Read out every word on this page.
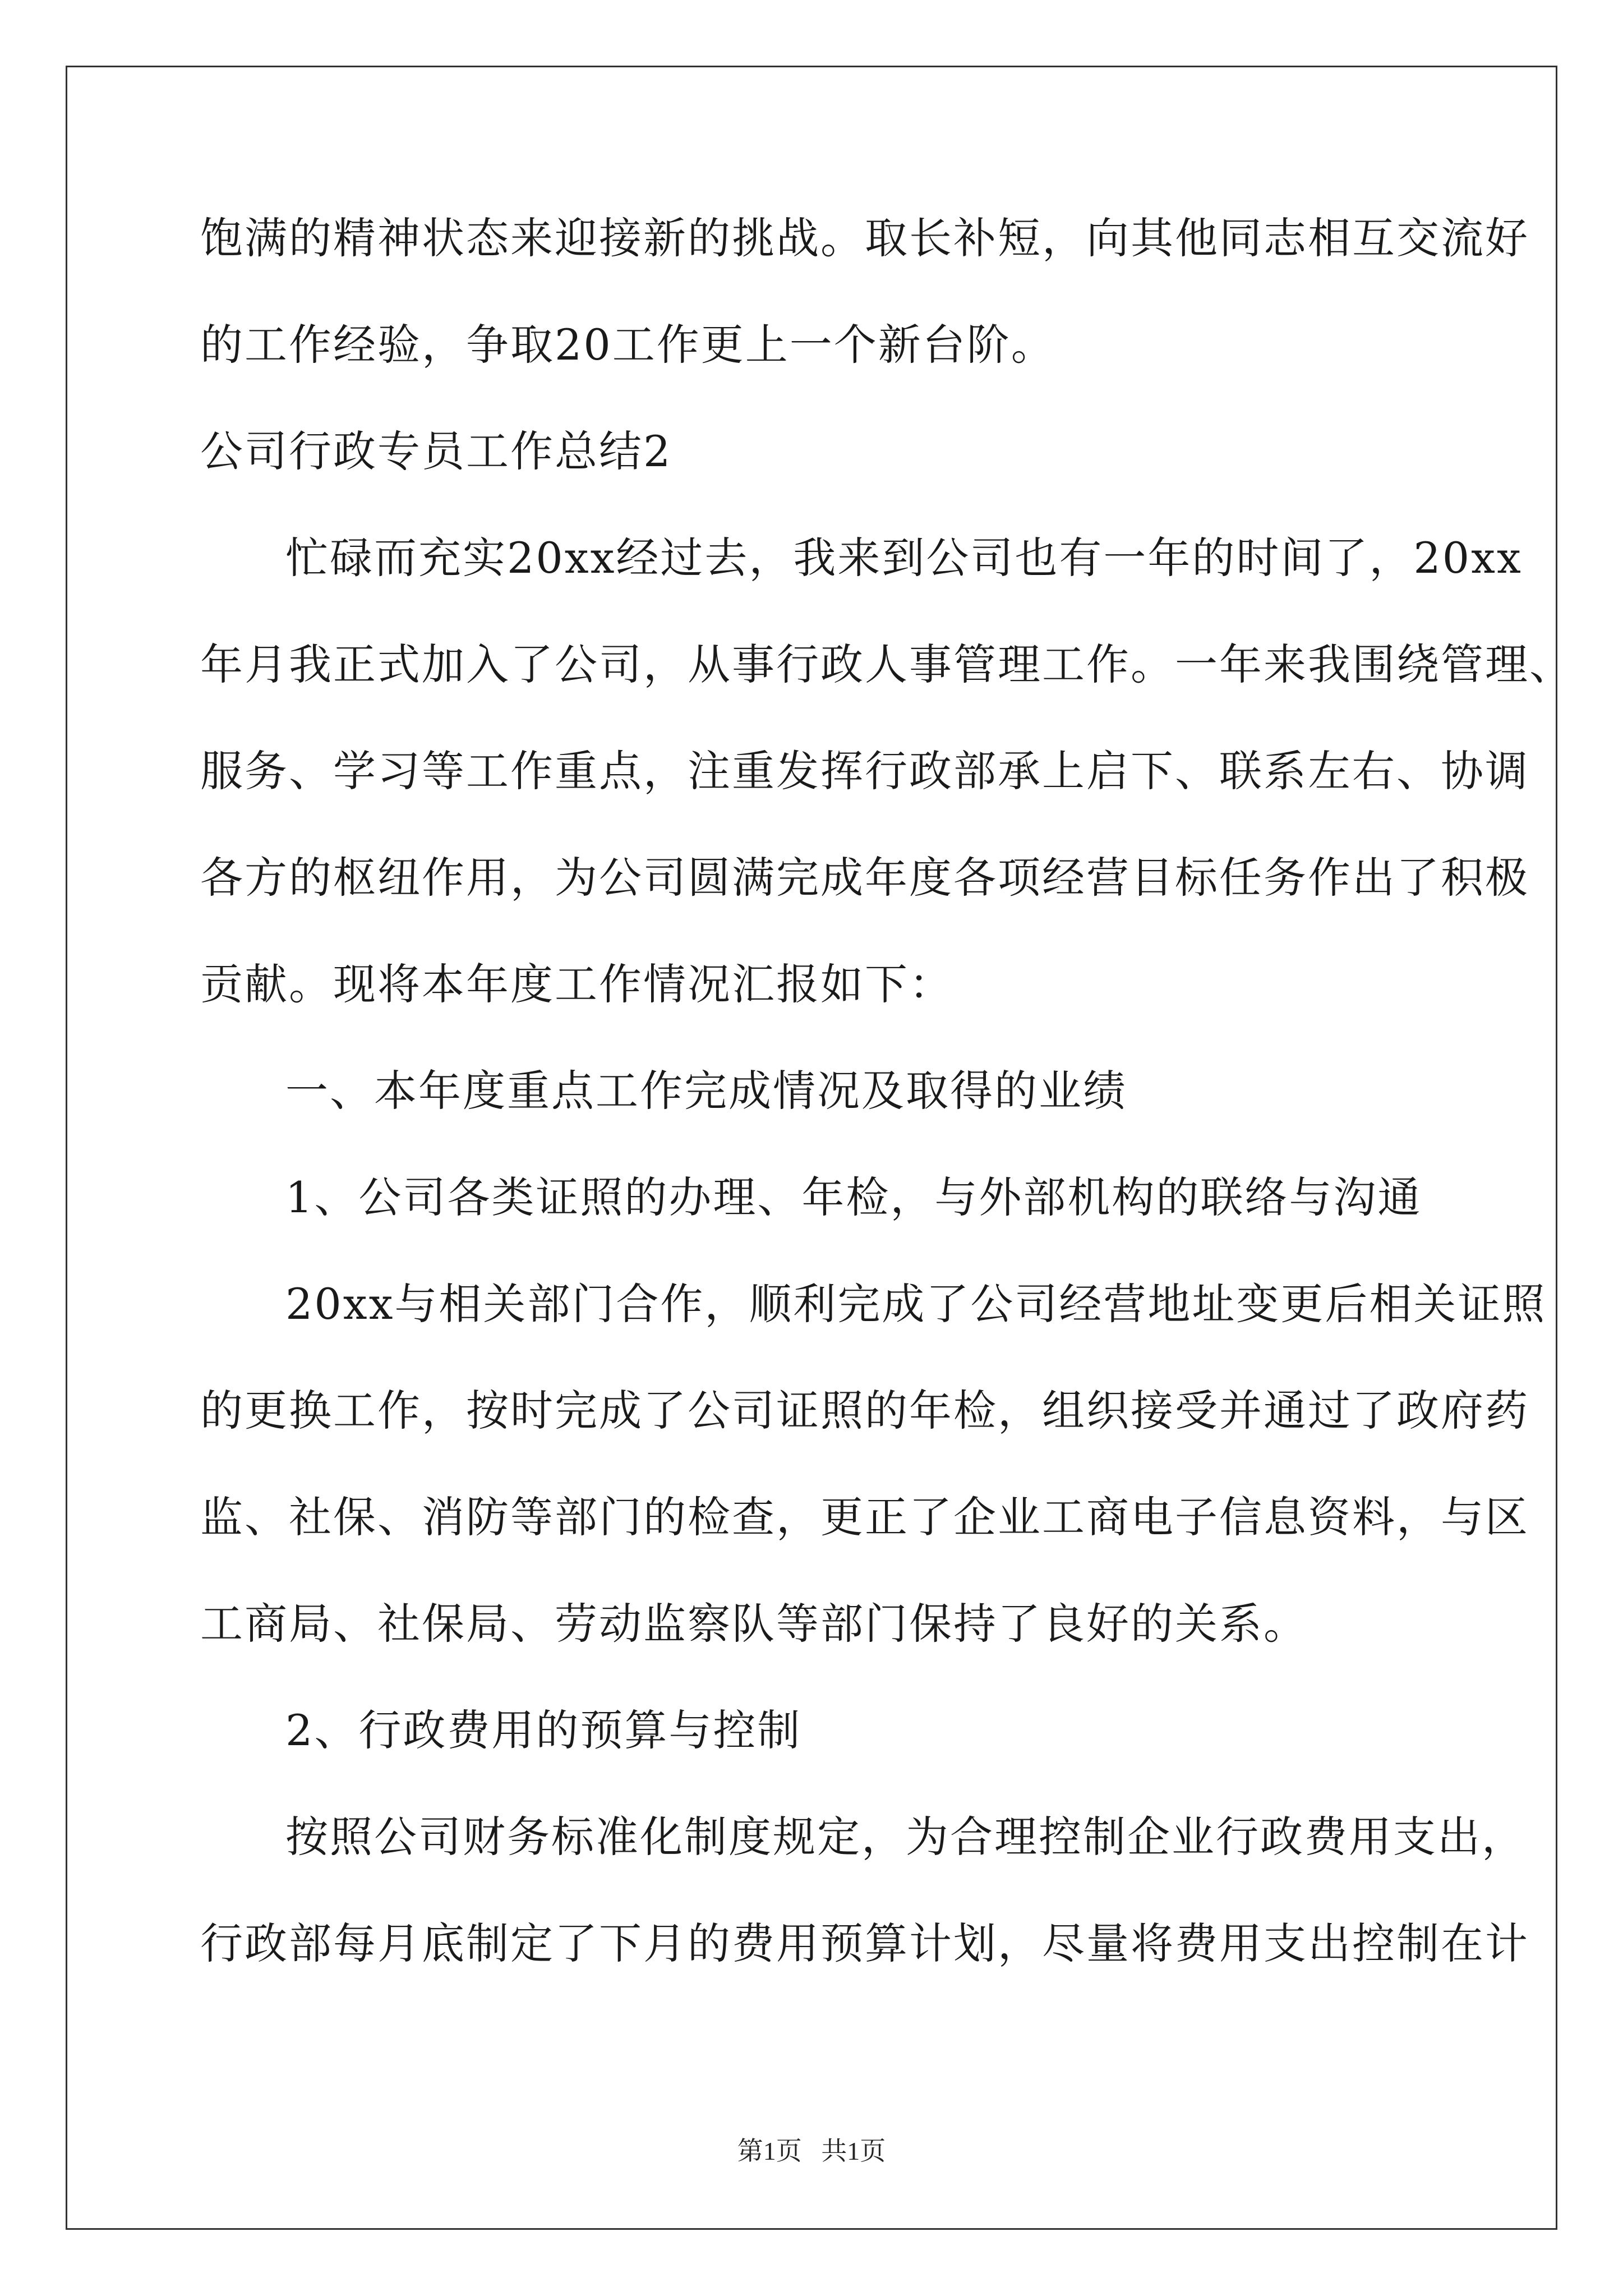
饱满的精神状态来迎接新的挑战。取长补短，向其他同志相互交流好
的工作经验，争取20工作更上一个新台阶。
公司行政专员工作总结2
忙碌而充实20xx经过去，我来到公司也有一年的时间了，20xx
年月我正式加入了公司，从事行政人事管理工作。一年来我围绕管理、
服务、学习等工作重点，注重发挥行政部承上启下、联系左右、协调
各方的枢纽作用，为公司圆满完成年度各项经营目标任务作出了积极
贡献。现将本年度工作情况汇报如下：
一、本年度重点工作完成情况及取得的业绩
1、公司各类证照的办理、年检，与外部机构的联络与沟通
20xx与相关部门合作，顺利完成了公司经营地址变更后相关证照
的更换工作，按时完成了公司证照的年检，组织接受并通过了政府药
监、社保、消防等部门的检查，更正了企业工商电子信息资料，与区
工商局、社保局、劳动监察队等部门保持了良好的关系。
2、行政费用的预算与控制
按照公司财务标准化制度规定，为合理控制企业行政费用支出，
行政部每月底制定了下月的费用预算计划，尽量将费用支出控制在计
第1页   共1页
